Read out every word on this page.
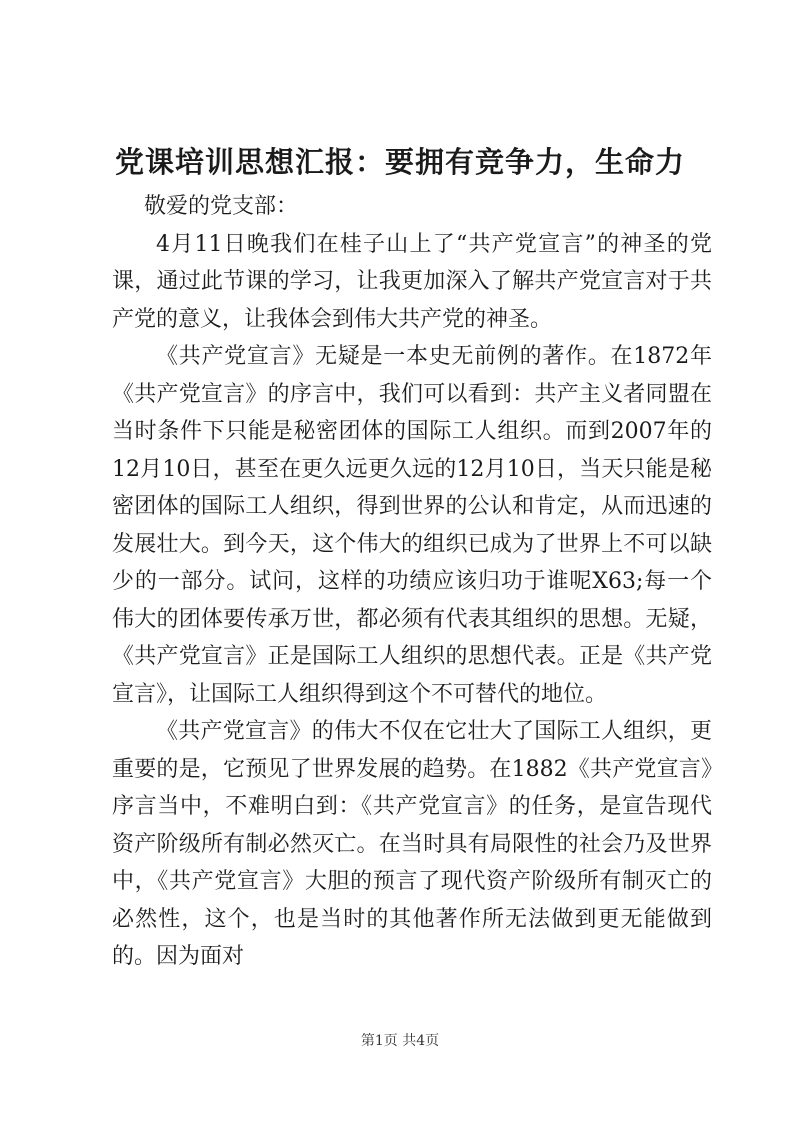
党课培训思想汇报：要拥有竞争力，生命力

敬爱的党支部：

4月11日晚我们在桂子山上了“共产党宣言”的神圣的党课，通过此节课的学习，让我更加深入了解共产党宣言对于共产党的意义，让我体会到伟大共产党的神圣。

《共产党宣言》无疑是一本史无前例的著作。在1872年《共产党宣言》的序言中，我们可以看到：共产主义者同盟在当时条件下只能是秘密团体的国际工人组织。而到2007年的12月10日，甚至在更久远更久远的12月10日，当天只能是秘密团体的国际工人组织，得到世界的公认和肯定，从而迅速的发展壮大。到今天，这个伟大的组织已成为了世界上不可以缺少的一部分。试问，这样的功绩应该归功于谁呢X63;每一个伟大的团体要传承万世，都必须有代表其组织的思想。无疑，《共产党宣言》正是国际工人组织的思想代表。正是《共产党宣言》，让国际工人组织得到这个不可替代的地位。

《共产党宣言》的伟大不仅在它壮大了国际工人组织，更重要的是，它预见了世界发展的趋势。在1882《共产党宣言》序言当中，不难明白到：《共产党宣言》的任务，是宣告现代资产阶级所有制必然灭亡。在当时具有局限性的社会乃及世界中，《共产党宣言》大胆的预言了现代资产阶级所有制灭亡的必然性，这个，也是当时的其他著作所无法做到更无能做到的。因为面对

第1页 共4页
